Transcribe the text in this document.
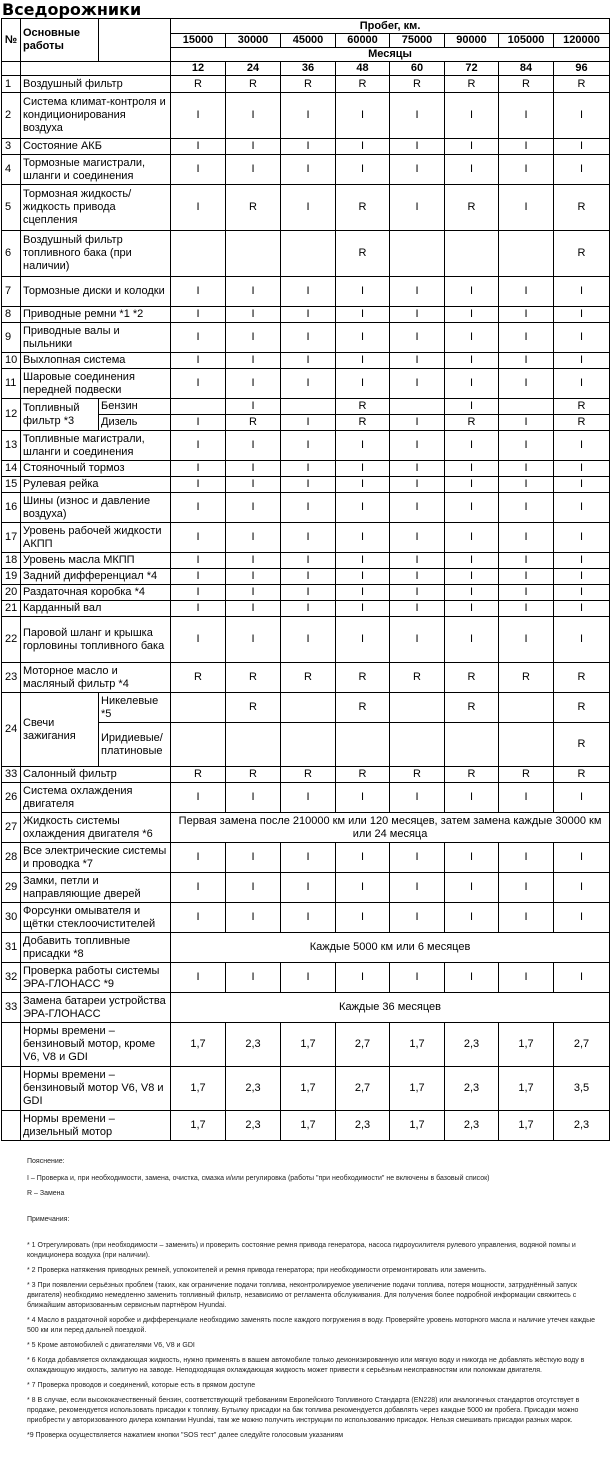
Вседорожники
№	Основные работы		Пробег, км.							
			15000	30000	45000	60000	75000	90000	105000	120000
			Месяцы							
			12	24	36	48	60	72	84	96
1	Воздушный фильтр		R	R	R	R	R	R	R	R
2	Система климат-контроля и кондиционирования воздуха		I	I	I	I	I	I	I	I
3	Состояние АКБ		I	I	I	I	I	I	I	I
4	Тормозные магистрали, шланги и соединения		I	I	I	I	I	I	I	I
5	Тормозная жидкость/жидкость привода сцепления		I	R	I	R	I	R	I	R
6	Воздушный фильтр топливного бака (при наличии)					R				R
7	Тормозные диски и колодки		I	I	I	I	I	I	I	I
8	Приводные ремни *1 *2		I	I	I	I	I	I	I	I
9	Приводные валы и пыльники		I	I	I	I	I	I	I	I
10	Выхлопная система		I	I	I	I	I	I	I	I
11	Шаровые соединения передней подвески		I	I	I	I	I	I	I	I
12	Топливный фильтр *3	Бензин		I		R		I		R
		Дизель	I	R	I	R	I	R	I	R
13	Топливные магистрали, шланги и соединения		I	I	I	I	I	I	I	I
14	Стояночный тормоз		I	I	I	I	I	I	I	I
15	Рулевая рейка		I	I	I	I	I	I	I	I
16	Шины (износ и давление воздуха)		I	I	I	I	I	I	I	I
17	Уровень рабочей жидкости АКПП		I	I	I	I	I	I	I	I
18	Уровень масла МКПП		I	I	I	I	I	I	I	I
19	Задний дифференциал *4		I	I	I	I	I	I	I	I
20	Раздаточная коробка *4		I	I	I	I	I	I	I	I
21	Карданный вал		I	I	I	I	I	I	I	I
22	Паровой шланг и крышка горловины топливного бака		I	I	I	I	I	I	I	I
23	Моторное масло и масляный фильтр *4		R	R	R	R	R	R	R	R
24	Свечи зажигания	Никелевые *5		R		R		R		R
		Иридиевые/ платиновые								R
33	Салонный фильтр		R	R	R	R	R	R	R	R
26	Система охлаждения двигателя		I	I	I	I	I	I	I	I
27	Жидкость системы охлаждения двигателя *6		Первая замена после 210000 км или 120 месяцев, затем замена каждые 30000 км или 24 месяца							
28	Все электрические системы и проводка *7		I	I	I	I	I	I	I	I
29	Замки, петли и направляющие дверей		I	I	I	I	I	I	I	I
30	Форсунки омывателя и щётки стеклоочистителей		I	I	I	I	I	I	I	I
31	Добавить топливные присадки *8		Каждые 5000 км или 6 месяцев							
32	Проверка работы системы ЭРА-ГЛОНАСС *9		I	I	I	I	I	I	I	I
33	Замена батареи устройства ЭРА-ГЛОНАСС		Каждые 36 месяцев							
	Нормы времени – бензиновый мотор, кроме V6, V8 и GDI		1,7	2,3	1,7	2,7	1,7	2,3	1,7	2,7
	Нормы времени – бензиновый мотор V6, V8 и GDI		1,7	2,3	1,7	2,7	1,7	2,3	1,7	3,5
	Нормы времени – дизельный мотор		1,7	2,3	1,7	2,3	1,7	2,3	1,7	2,3

Пояснение:

I – Проверка и, при необходимости, замена, очистка, смазка и/или регулировка (работы "при необходимости" не включены в базовый список)

R – Замена

Примечания:

* 1 Отрегулировать (при необходимости – заменить) и проверить состояние ремня привода генератора, насоса гидроусилителя рулевого управления, водяной помпы и кондиционера воздуха (при наличии).

* 2 Проверка натяжения приводных ремней, успокоителей и ремня привода генератора; при необходимости отремонтировать или заменить.

* 3 При появлении серьёзных проблем (таких, как ограничение подачи топлива, неконтролируемое увеличение подачи топлива, потеря мощности, затруднённый запуск двигателя) необходимо немедленно заменить топливный фильтр, независимо от регламента обслуживания. Для получения более подробной информации свяжитесь с ближайшим авторизованным сервисным партнёром Hyundai.

* 4 Масло в раздаточной коробке и дифференциале необходимо заменять после каждого погружения в воду. Проверяйте уровень моторного масла и наличие утечек каждые 500 км или перед дальней поездкой.

* 5 Кроме автомобилей с двигателями V6, V8 и GDI

* 6 Когда добавляется охлаждающая жидкость, нужно применять в вашем автомобиле только деионизированную или мягкую воду и никогда не добавлять жёсткую воду в охлаждающую жидкость, залитую на заводе. Неподходящая охлаждающая жидкость может привести к серьёзным неисправностям или поломкам двигателя.

* 7 Проверка проводов и соединений, которые есть в прямом доступе

* 8 В случае, если высококачественный бензин, соответствующий требованиям Европейского Топливного Стандарта (EN228) или аналогичных стандартов отсутствует в продаже, рекомендуется использовать присадки к топливу. Бутылку присадки на бак топлива рекомендуется добавлять через каждые 5000 км пробега. Присадки можно приобрести у авторизованного дилера компании Hyundai, там же можно получить инструкции по использованию присадок. Нельзя смешивать присадки разных марок.

*9 Проверка осуществляется нажатием кнопки "SOS тест" далее следуйте голосовым указаниям
